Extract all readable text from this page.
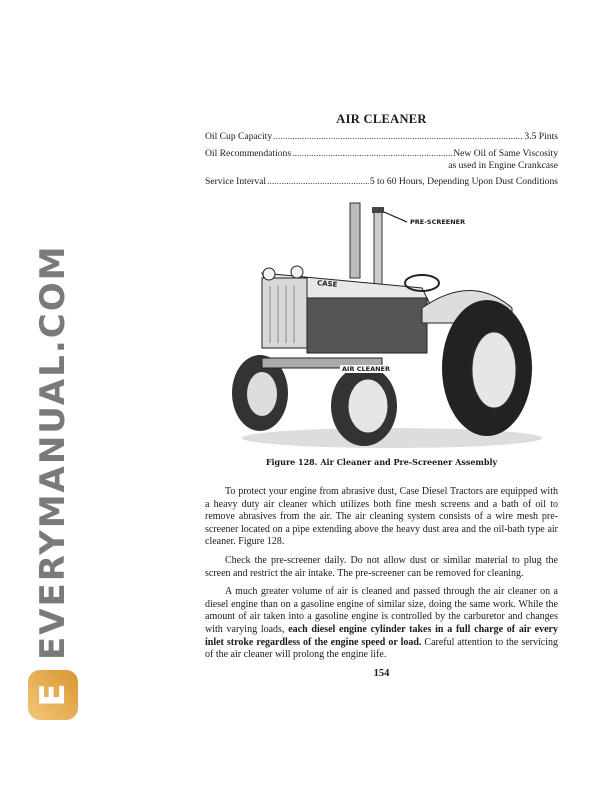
AIR CLEANER
Oil Cup Capacity .....	3.5 Pints
Oil Recommendations .....	New Oil of Same Viscosity
as used in Engine Crankcase
Service Interval .....	5 to 60 Hours, Depending Upon Dust Conditions
CASE
PRE-SCREENER
AIR CLEANER
Figure 128. Air Cleaner and Pre-Screener Assembly

To protect your engine from abrasive dust, Case Diesel Tractors are equipped with a heavy duty air cleaner which utilizes both fine mesh screens and a bath of oil to remove abrasives from the air. The air cleaning system consists of a wire mesh pre-screener located on a pipe extending above the heavy dust area and the oil-bath type air cleaner. Figure 128.

Check the pre-screener daily. Do not allow dust or similar material to plug the screen and restrict the air intake. The pre-screener can be removed for cleaning.

A much greater volume of air is cleaned and passed through the air cleaner on a diesel engine than on a gasoline engine of similar size, doing the same work. While the amount of air taken into a gasoline engine is controlled by the carburetor and changes with varying loads, each diesel engine cylinder takes in a full charge of air every inlet stroke regardless of the engine speed or load. Careful attention to the servicing of the air cleaner will prolong the engine life.

154
E
EVERYMANUAL.COM
